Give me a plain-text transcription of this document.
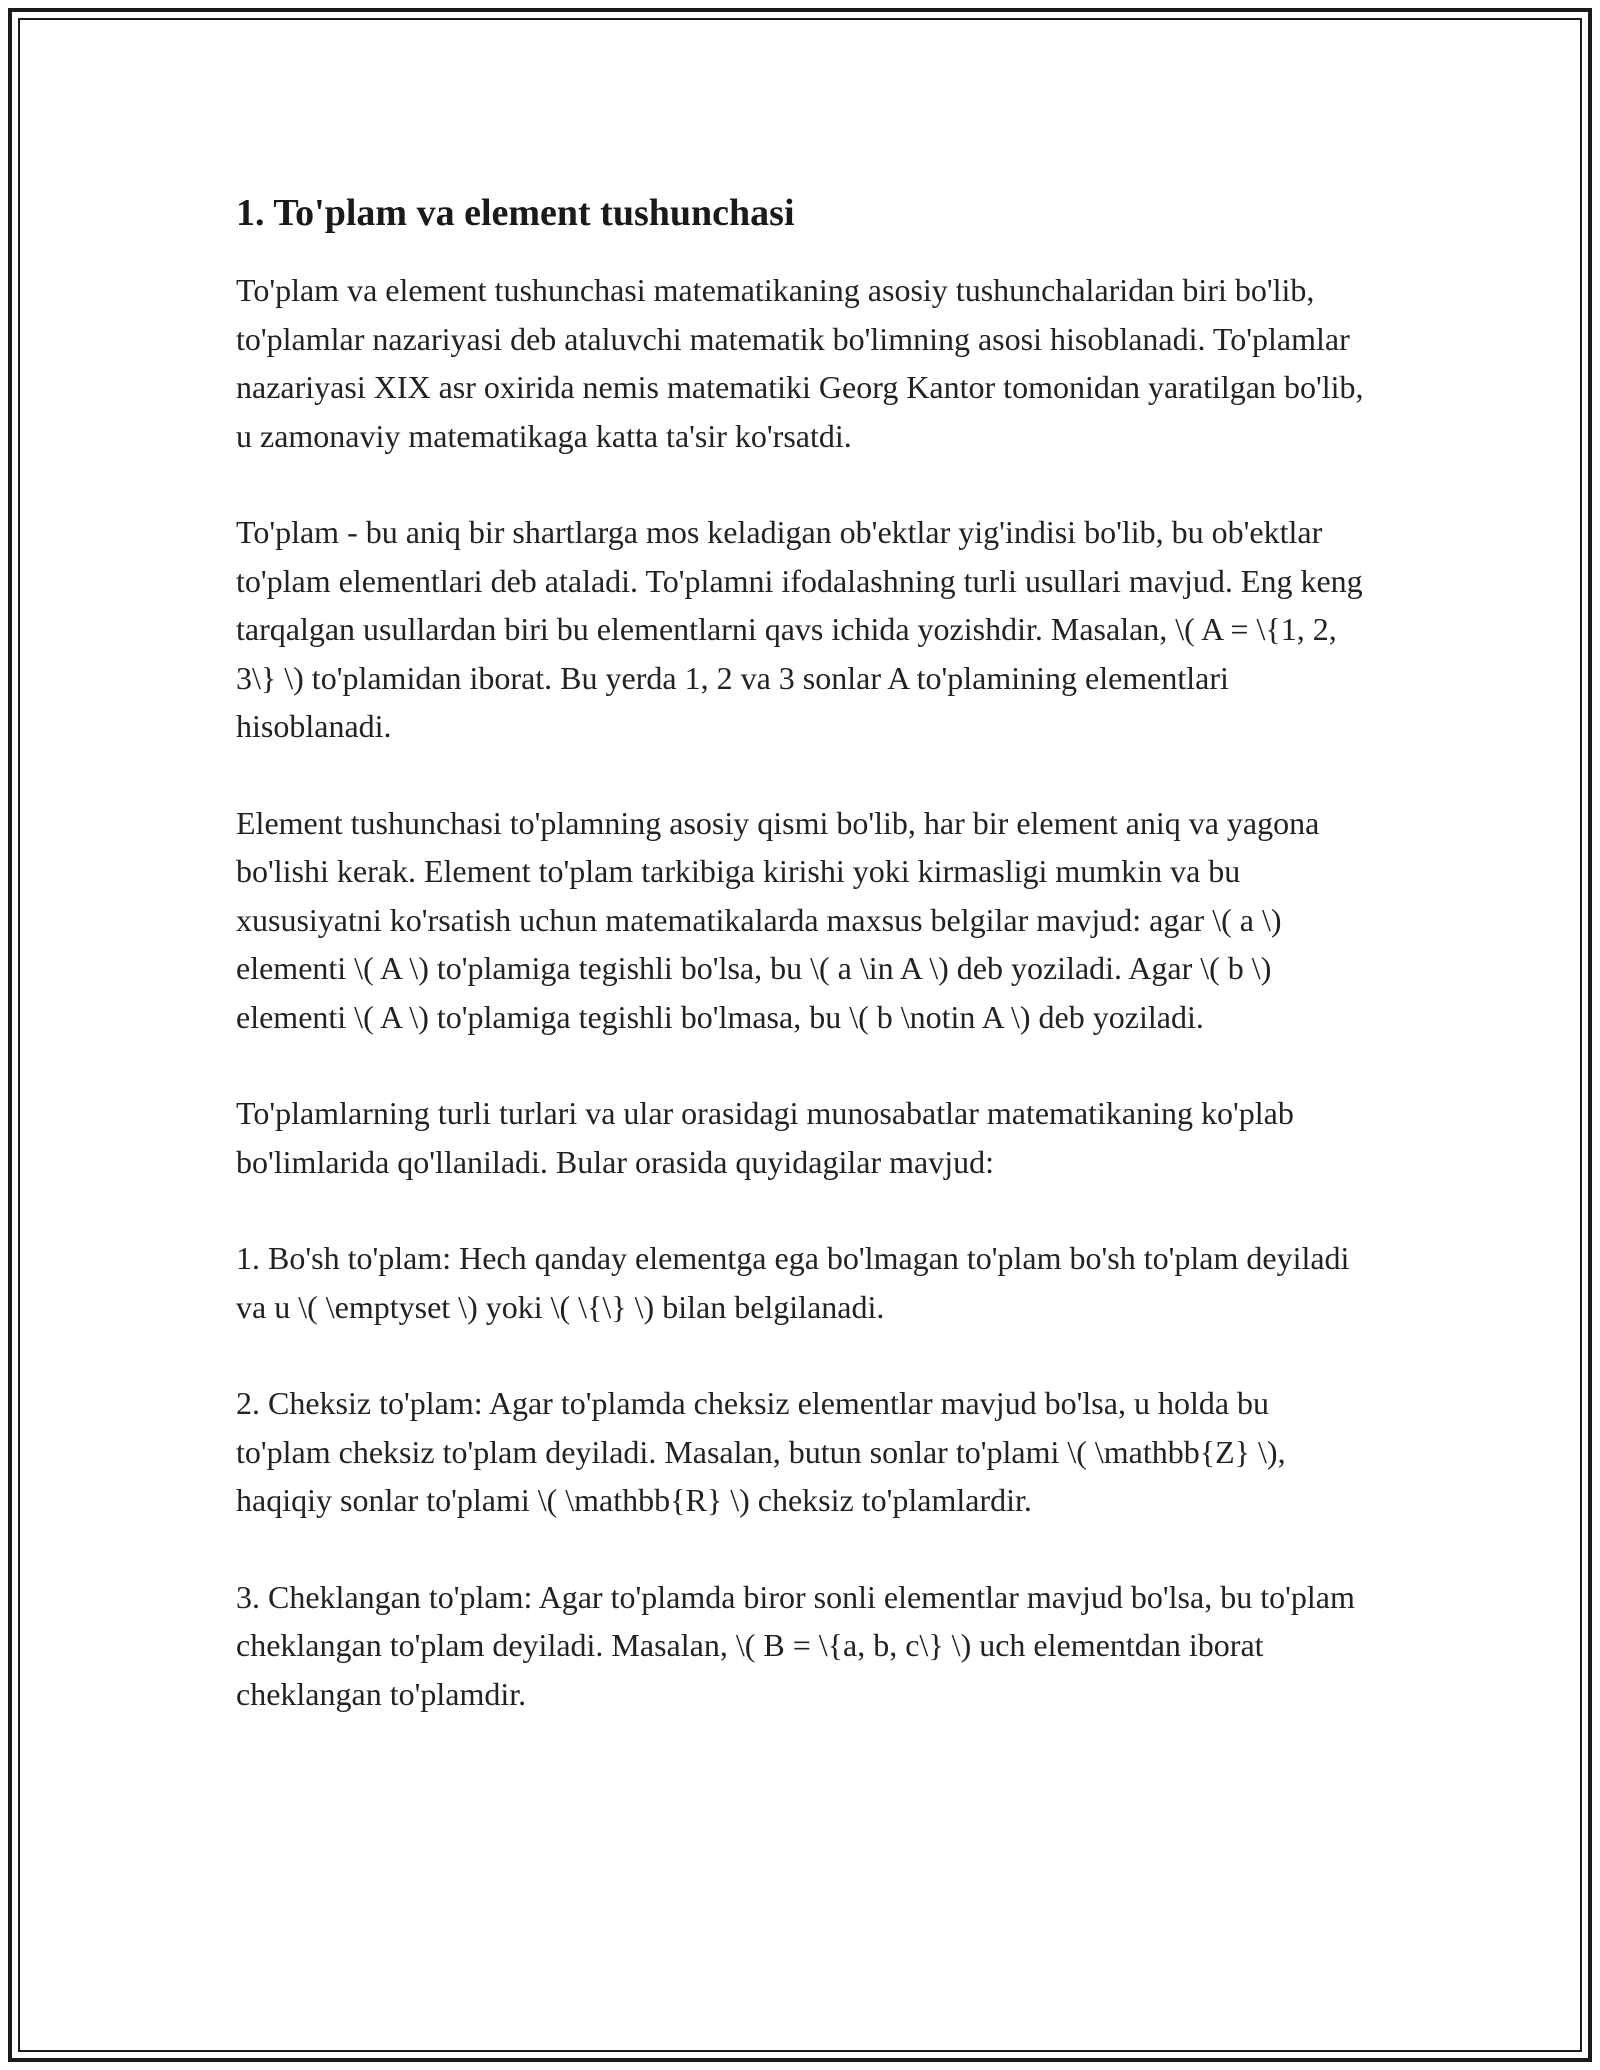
1. To'plam va element tushunchasi

To'plam va element tushunchasi matematikaning asosiy tushunchalaridan biri bo'lib, to'plamlar nazariyasi deb ataluvchi matematik bo'limning asosi hisoblanadi. To'plamlar nazariyasi XIX asr oxirida nemis matematiki Georg Kantor tomonidan yaratilgan bo'lib, u zamonaviy matematikaga katta ta'sir ko'rsatdi.

To'plam - bu aniq bir shartlarga mos keladigan ob'ektlar yig'indisi bo'lib, bu ob'ektlar to'plam elementlari deb ataladi. To'plamni ifodalashning turli usullari mavjud. Eng keng tarqalgan usullardan biri bu elementlarni qavs ichida yozishdir. Masalan, \( A = \{1, 2, 3\} \) to'plamidan iborat. Bu yerda 1, 2 va 3 sonlar A to'plamining elementlari hisoblanadi.

Element tushunchasi to'plamning asosiy qismi bo'lib, har bir element aniq va yagona bo'lishi kerak. Element to'plam tarkibiga kirishi yoki kirmasligi mumkin va bu xususiyatni ko'rsatish uchun matematikalarda maxsus belgilar mavjud: agar \( a \) elementi \( A \) to'plamiga tegishli bo'lsa, bu \( a \in A \) deb yoziladi. Agar \( b \) elementi \( A \) to'plamiga tegishli bo'lmasa, bu \( b \notin A \) deb yoziladi.

To'plamlarning turli turlari va ular orasidagi munosabatlar matematikaning ko'plab bo'limlarida qo'llaniladi. Bular orasida quyidagilar mavjud:

1. Bo'sh to'plam: Hech qanday elementga ega bo'lmagan to'plam bo'sh to'plam deyiladi va u \( \emptyset \) yoki \( \{\} \) bilan belgilanadi.

2. Cheksiz to'plam: Agar to'plamda cheksiz elementlar mavjud bo'lsa, u holda bu to'plam cheksiz to'plam deyiladi. Masalan, butun sonlar to'plami \( \mathbb{Z} \), haqiqiy sonlar to'plami \( \mathbb{R} \) cheksiz to'plamlardir.

3. Cheklangan to'plam: Agar to'plamda biror sonli elementlar mavjud bo'lsa, bu to'plam cheklangan to'plam deyiladi. Masalan, \( B = \{a, b, c\} \) uch elementdan iborat cheklangan to'plamdir.
